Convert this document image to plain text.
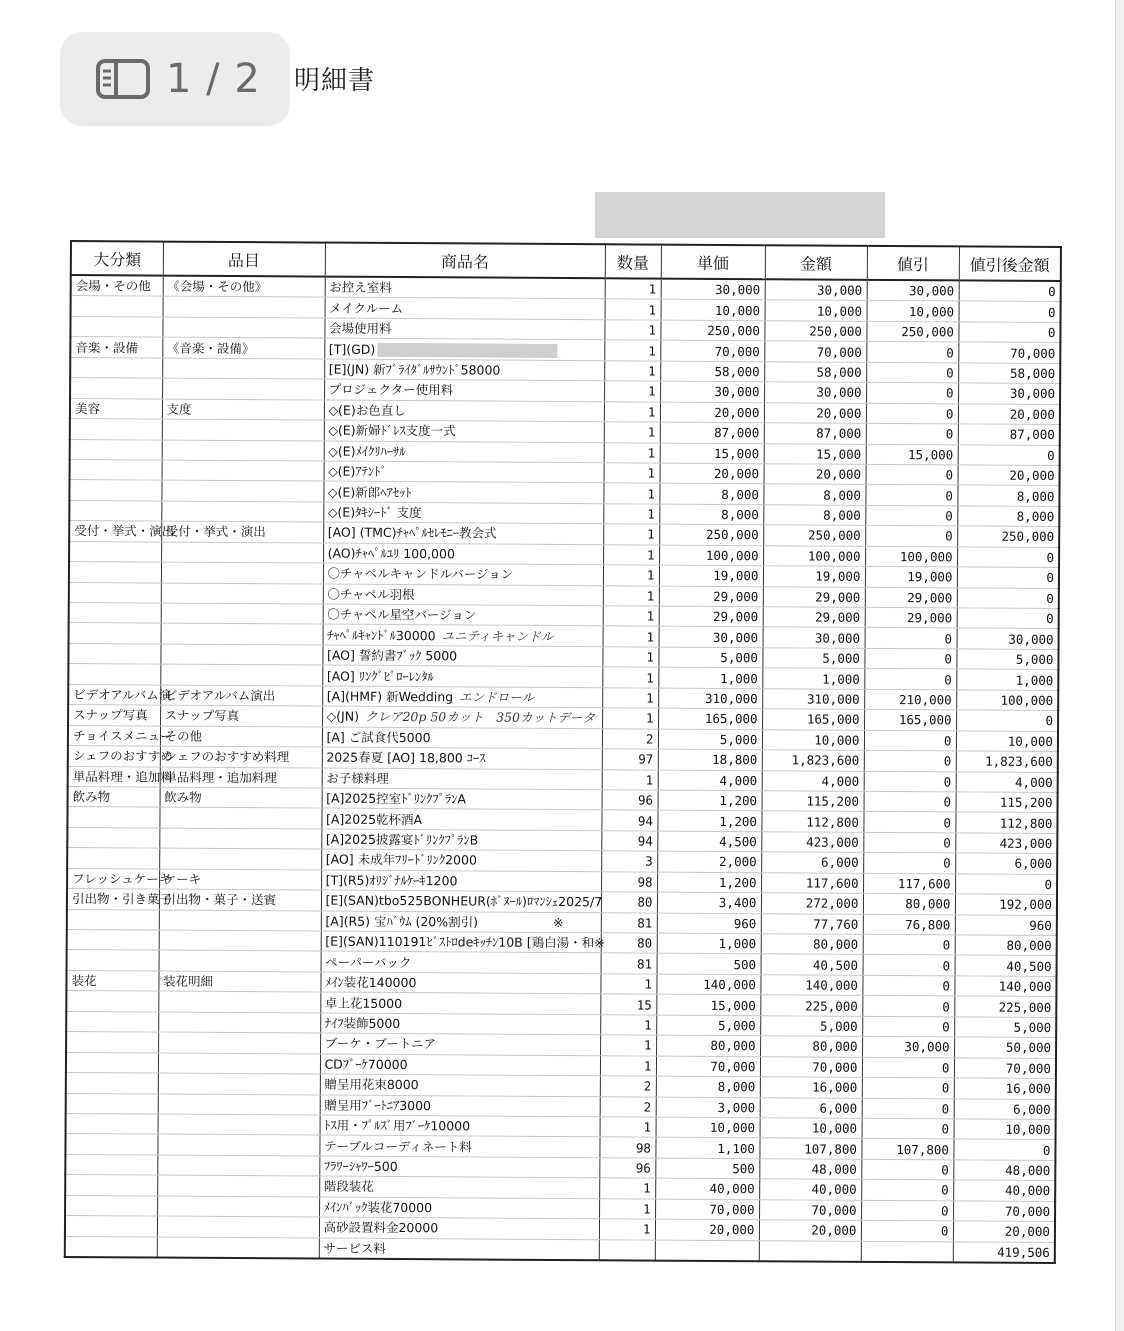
1 / 2 明細書
大分類	品目	商品名	数量	単価	金額	値引	値引後金額
会場・その他	《会場・その他》	お控え室料	1	30,000	30,000	30,000	0
		メイクルーム	1	10,000	10,000	10,000	0
		会場使用料	1	250,000	250,000	250,000	0
音楽・設備	《音楽・設備》	[T](GD)	1	70,000	70,000	0	70,000
		[E](JN) 新ﾌﾞﾗｲﾀﾞﾙｻｳﾝﾄﾞ58000	1	58,000	58,000	0	58,000
		プロジェクター使用料	1	30,000	30,000	0	30,000
美容	支度	◇(E)お色直し	1	20,000	20,000	0	20,000
		◇(E)新婦ﾄﾞﾚｽ支度一式	1	87,000	87,000	0	87,000
		◇(E)ﾒｲｸﾘﾊｰｻﾙ	1	15,000	15,000	15,000	0
		◇(E)ｱﾃﾝﾄﾞ	1	20,000	20,000	0	20,000
		◇(E)新郎ﾍｱｾｯﾄ	1	8,000	8,000	0	8,000
		◇(E)ﾀｷｼｰﾄﾞ 支度	1	8,000	8,000	0	8,000
受付・挙式・演出	受付・挙式・演出	[AO] (TMC)ﾁｬﾍﾟﾙｾﾚﾓﾆｰ教会式	1	250,000	250,000	0	250,000
		(AO)ﾁｬﾍﾟﾙﾕﾘ 100,000	1	100,000	100,000	100,000	0
		〇チャペルキャンドルバージョン	1	19,000	19,000	19,000	0
		〇チャペル羽根	1	29,000	29,000	29,000	0
		〇チャペル星空バージョン	1	29,000	29,000	29,000	0
		ﾁｬﾍﾟﾙｷｬﾝﾄﾞﾙ30000 ユニティキャンドル	1	30,000	30,000	0	30,000
		[AO] 誓約書ﾌﾞｯｸ 5000	1	5,000	5,000	0	5,000
		[AO] ﾘﾝｸﾞﾋﾟﾛｰﾚﾝﾀﾙ	1	1,000	1,000	0	1,000
ビデオアルバム演	ビデオアルバム演出	[A](HMF) 新Wedding エンドロール	1	310,000	310,000	210,000	100,000
スナップ写真	スナップ写真	◇(JN) クレア20p 50カット　350カットデータ	1	165,000	165,000	165,000	0
チョイスメニュー	その他	[A] ご試食代5000	2	5,000	10,000	0	10,000
シェフのおすすめ	シェフのおすすめ料理	2025春夏 [AO] 18,800 ｺｰｽ	97	18,800	1,823,600	0	1,823,600
単品料理・追加料	単品料理・追加料理	お子様料理	1	4,000	4,000	0	4,000
飲み物	飲み物	[A]2025控室ﾄﾞﾘﾝｸﾌﾟﾗﾝA	96	1,200	115,200	0	115,200
		[A]2025乾杯酒A	94	1,200	112,800	0	112,800
		[A]2025披露宴ﾄﾞﾘﾝｸﾌﾟﾗﾝB	94	4,500	423,000	0	423,000
		[AO] 未成年ﾌﾘｰﾄﾞﾘﾝｸ2000	3	2,000	6,000	0	6,000
フレッシュケーキ	ケーキ	[T](R5)ｵﾘｼﾞﾅﾙｹｰｷ1200	98	1,200	117,600	117,600	0
引出物・引き菓子	引出物・菓子・送賓	[E](SAN)tbo525BONHEUR(ﾎﾞﾇｰﾙ)ﾛﾏﾝｼｪ2025/7	80	3,400	272,000	80,000	192,000
		[A](R5) 宝ﾊﾞｳﾑ (20%割引)　　　　　　※	81	960	77,760	76,800	960
		[E](SAN)110191ﾋﾞｽﾄﾛdeｷｯﾁﾝ10B [鶏白湯・和※	80	1,000	80,000	0	80,000
		ペーパーバック	81	500	40,500	0	40,500
装花	装花明細	ﾒｲﾝ装花140000	1	140,000	140,000	0	140,000
		卓上花15000	15	15,000	225,000	0	225,000
		ﾅｲﾌ装飾5000	1	5,000	5,000	0	5,000
		ブーケ・ブートニア	1	80,000	80,000	30,000	50,000
		CDﾌﾞｰｹ70000	1	70,000	70,000	0	70,000
		贈呈用花束8000	2	8,000	16,000	0	16,000
		贈呈用ﾌﾞｰﾄﾆｱ3000	2	3,000	6,000	0	6,000
		ﾄｽ用・ﾌﾟﾙｽﾞ用ﾌﾞｰｹ10000	1	10,000	10,000	0	10,000
		テーブルコーディネート料	98	1,100	107,800	107,800	0
		ﾌﾗﾜｰｼｬﾜｰ500	96	500	48,000	0	48,000
		階段装花	1	40,000	40,000	0	40,000
		ﾒｲﾝﾊﾞｯｸ装花70000	1	70,000	70,000	0	70,000
		高砂設置料金20000	1	20,000	20,000	0	20,000
		サービス料					419,506
